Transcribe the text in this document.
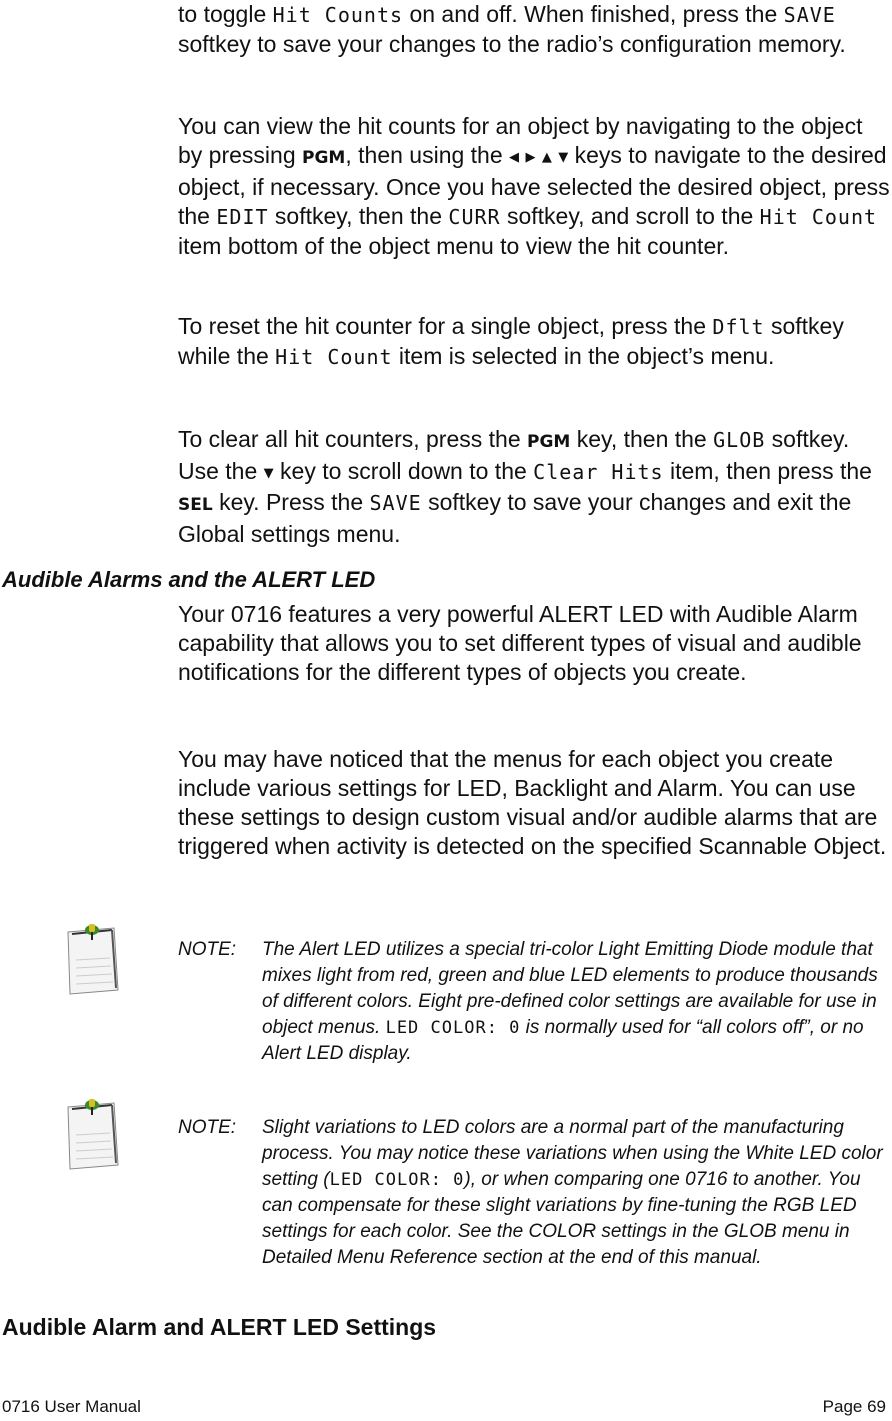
to toggle Hit Counts on and off. When finished, press the SAVE softkey to save your changes to the radio’s configuration memory.

You can view the hit counts for an object by navigating to the object by pressing PGM, then using the ◀ ▶ ▲ ▼ keys to navigate to the desired object, if necessary. Once you have selected the desired object, press the EDIT softkey, then the CURR softkey, and scroll to the Hit Count item bottom of the object menu to view the hit counter.

To reset the hit counter for a single object, press the Dflt softkey while the Hit Count item is selected in the object’s menu.

To clear all hit counters, press the PGM key, then the GLOB softkey. Use the ▼ key to scroll down to the Clear Hits item, then press the SEL key. Press the SAVE softkey to save your changes and exit the Global settings menu.

Audible Alarms and the ALERT LED

Your 0716 features a very powerful ALERT LED with Audible Alarm capability that allows you to set different types of visual and audible notifications for the different types of objects you create.

You may have noticed that the menus for each object you create include various settings for LED, Backlight and Alarm. You can use these settings to design custom visual and/or audible alarms that are triggered when activity is detected on the specified Scannable Object.

NOTE:	The Alert LED utilizes a special tri-color Light Emitting Diode module that mixes light from red, green and blue LED elements to produce thousands of different colors. Eight pre-defined color settings are available for use in object menus. LED COLOR: 0 is normally used for “all colors off”, or no Alert LED display.
NOTE:	Slight variations to LED colors are a normal part of the manufacturing process. You may notice these variations when using the White LED color setting (LED COLOR: 0), or when comparing one 0716 to another. You can compensate for these slight variations by fine-tuning the RGB LED settings for each color. See the COLOR settings in the GLOB menu in Detailed Menu Reference section at the end of this manual.
Audible Alarm and ALERT LED Settings
0716 User Manual	Page 69
